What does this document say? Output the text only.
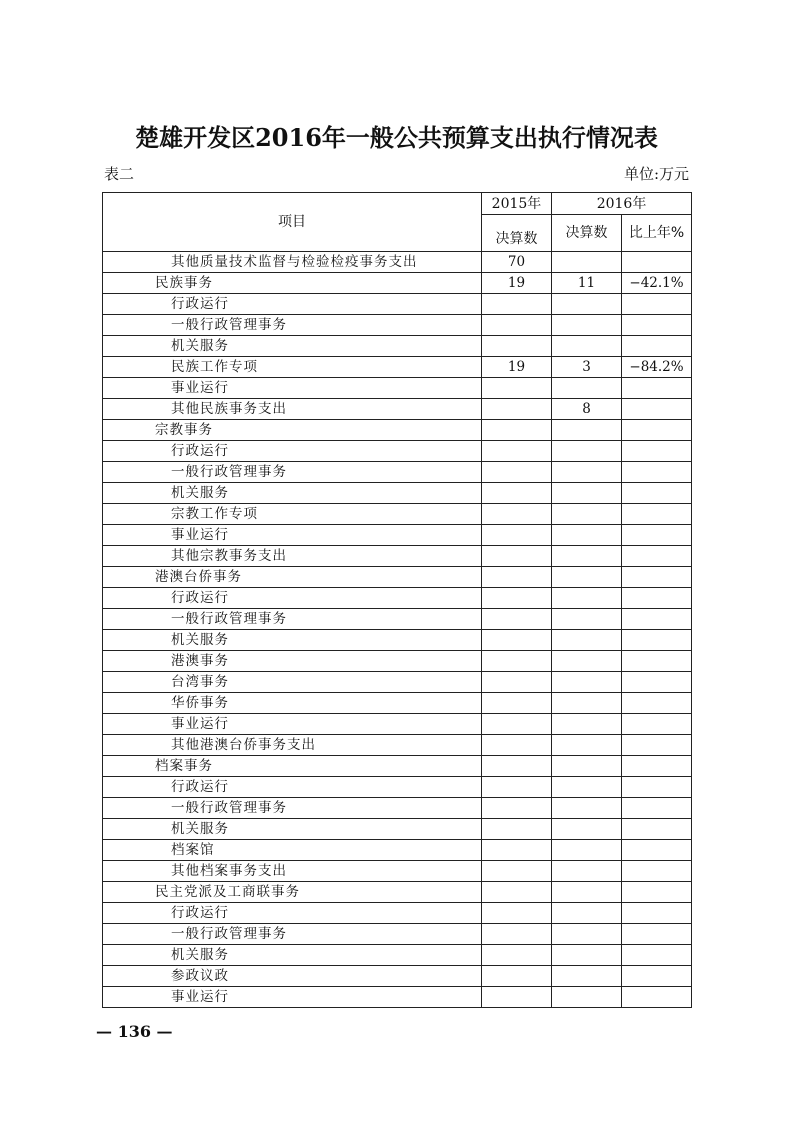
楚雄开发区2016年一般公共预算支出执行情况表
表二	单位:万元
项目	2015年	2016年	
	决算数	决算数	比上年%
其他质量技术监督与检验检疫事务支出	70		
民族事务	19	11	−42.1%
行政运行			
一般行政管理事务			
机关服务			
民族工作专项	19	3	−84.2%
事业运行			
其他民族事务支出		8	
宗教事务			
行政运行			
一般行政管理事务			
机关服务			
宗教工作专项			
事业运行			
其他宗教事务支出			
港澳台侨事务			
行政运行			
一般行政管理事务			
机关服务			
港澳事务			
台湾事务			
华侨事务			
事业运行			
其他港澳台侨事务支出			
档案事务			
行政运行			
一般行政管理事务			
机关服务			
档案馆			
其他档案事务支出			
民主党派及工商联事务			
行政运行			
一般行政管理事务			
机关服务			
参政议政			
事业运行			
— 136 —
